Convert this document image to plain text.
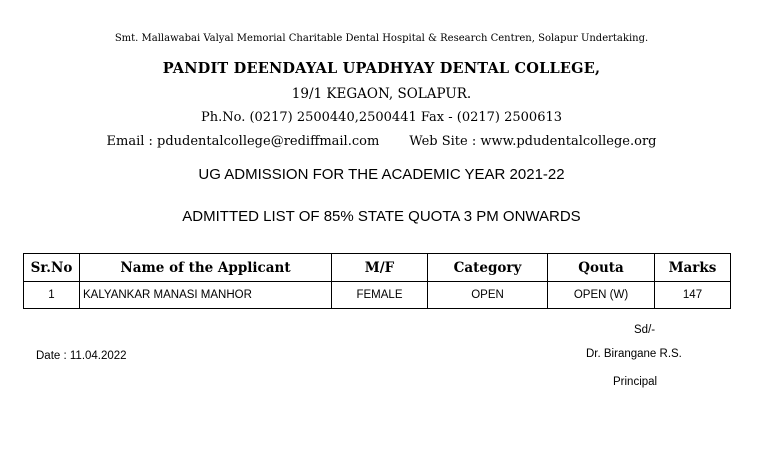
Smt. Mallawabai Valyal Memorial Charitable Dental Hospital & Research Centren, Solapur Undertaking.
PANDIT DEENDAYAL UPADHYAY DENTAL COLLEGE,
19/1 KEGAON, SOLAPUR.
Ph.No. (0217) 2500440,2500441 Fax - (0217) 2500613
Email : pdudentalcollege@rediffmail.com Web Site : www.pdudentalcollege.org
UG ADMISSION FOR THE ACADEMIC YEAR 2021-22
ADMITTED LIST OF 85% STATE QUOTA 3 PM ONWARDS
Sr.No	Name of the Applicant	M/F	Category	Qouta	Marks
1	KALYANKAR MANASI MANHOR	FEMALE	OPEN	OPEN (W)	147
Sd/-
Date : 11.04.2022	Dr. Birangane R.S.
Principal
